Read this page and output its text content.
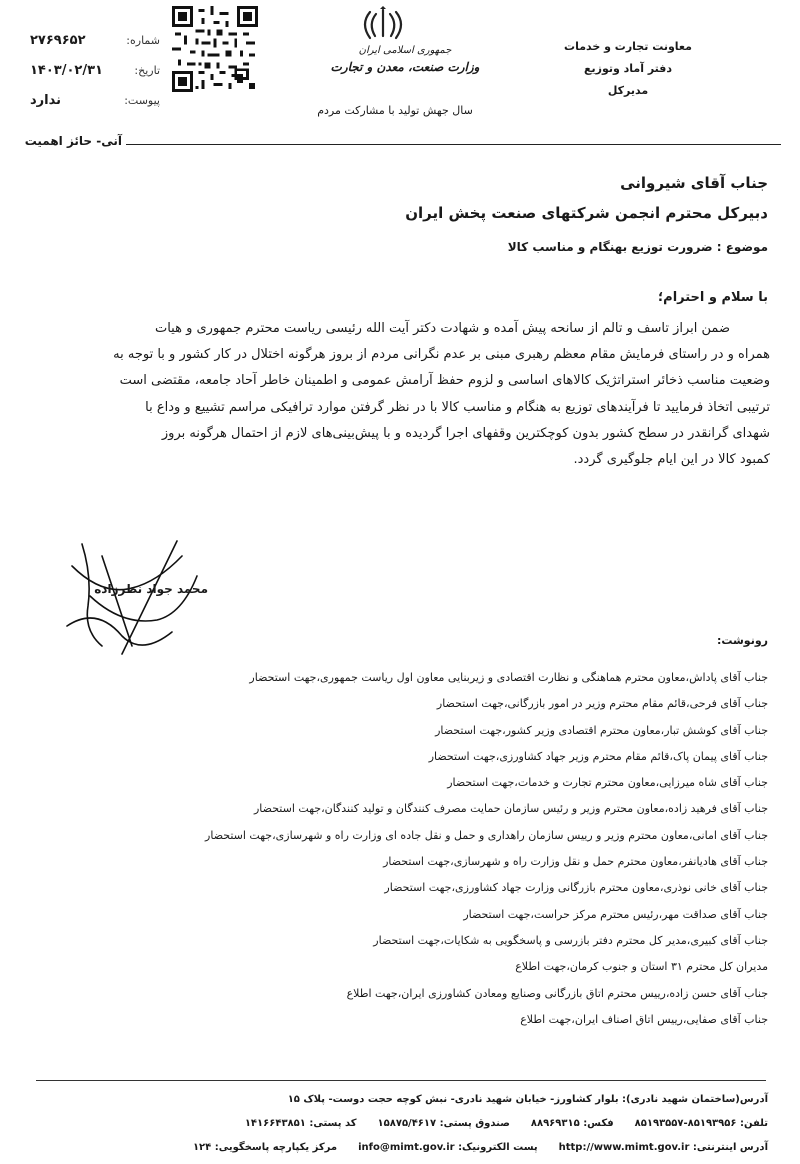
معاونت تجارت و خدمات
دفتر آماد وتوزیع
مدیرکل
جمهوری اسلامی ایران
وزارت صنعت، معدن و تجارت
سال جهش تولید با مشارکت مردم
شماره:
۲۷۶۹۶۵۲
تاریخ:
۱۴۰۳/۰۲/۳۱
پیوست:
ندارد
آنی- حائز اهمیت
جناب آقای شیروانی
دبیرکل محترم انجمن شرکتهای صنعت پخش ایران
موضوع : ضرورت توزیع بهنگام و مناسب کالا
با سلام و احترام؛
ضمن ابراز تاسف و تالم از سانحه پیش آمده و شهادت دکتر آیت الله رئیسی ریاست محترم جمهوری و هیات
همراه و در راستای فرمایش مقام معظم رهبری مبنی بر عدم نگرانی مردم از بروز هرگونه اختلال در کار کشور و با توجه به
وضعیت مناسب ذخائر استراتژیک کالاهای اساسی و لزوم حفظ آرامش عمومی و اطمینان خاطر آحاد جامعه، مقتضی است
ترتیبی اتخاذ فرمایید تا فرآیندهای توزیع به هنگام و مناسب کالا با در نظر گرفتن موارد ترافیکی مراسم تشییع و وداع با
شهدای گرانقدر در سطح کشور بدون کوچکترین وقفهای اجرا گردیده و با پیش‌بینی‌های لازم از احتمال هرگونه بروز
کمبود کالا در این ایام جلوگیری گردد.
محمد جواد نظرزاده
رونوشت:
جناب آقای پاداش،معاون محترم هماهنگی و نظارت اقتصادی و زیربنایی معاون اول ریاست جمهوری،جهت استحضار
جناب آقای فرحی،قائم مقام محترم وزیر در امور بازرگانی،جهت استحضار
جناب آقای کوشش تبار،معاون محترم اقتصادی وزیر کشور،جهت استحضار
جناب آقای پیمان پاک،قائم مقام محترم وزیر جهاد کشاورزی،جهت استحضار
جناب آقای شاه میرزایی،معاون محترم تجارت و خدمات،جهت استحضار
جناب آقای فرهید زاده،معاون محترم وزیر و رئیس سازمان حمایت مصرف کنندگان و تولید کنندگان،جهت استحضار
جناب آقای امانی،معاون محترم وزیر و رییس سازمان راهداری و حمل و نقل جاده ای وزارت راه و شهرسازی،جهت استحضار
جناب آقای هادیانفر،معاون محترم حمل و نقل وزارت راه و شهرسازی،جهت استحضار
جناب آقای خانی نوذری،معاون محترم بازرگانی وزارت جهاد کشاورزی،جهت استحضار
جناب آقای صداقت مهر،رئیس محترم مرکز حراست،جهت استحضار
جناب آقای کبیری،مدیر کل محترم دفتر بازرسی و پاسخگویی به شکایات،جهت استحضار
مدیران کل محترم ۳۱ استان و جنوب کرمان،جهت اطلاع
جناب آقای حسن زاده،رییس محترم اتاق بازرگانی وصنایع ومعادن کشاورزی ایران،جهت اطلاع
جناب آقای صفایی،رییس اتاق اصناف ایران،جهت اطلاع
آدرس(ساختمان شهید نادری): بلوار کشاورز- خیابان شهید نادری- نبش کوچه حجت دوست- پلاک ۱۵
تلفن: ۸۵۱۹۳۵۵۷-۸۵۱۹۳۹۵۶  فکس: ۸۸۹۶۹۳۱۵  صندوق پستی: ۱۵۸۷۵/۴۶۱۷  کد پستی: ۱۴۱۶۶۴۳۸۵۱
آدرس اینترنتی: http://www.mimt.gov.ir  پست الکترونیک: info@mimt.gov.ir  مرکز یکپارچه پاسخگویی: ۱۲۴
